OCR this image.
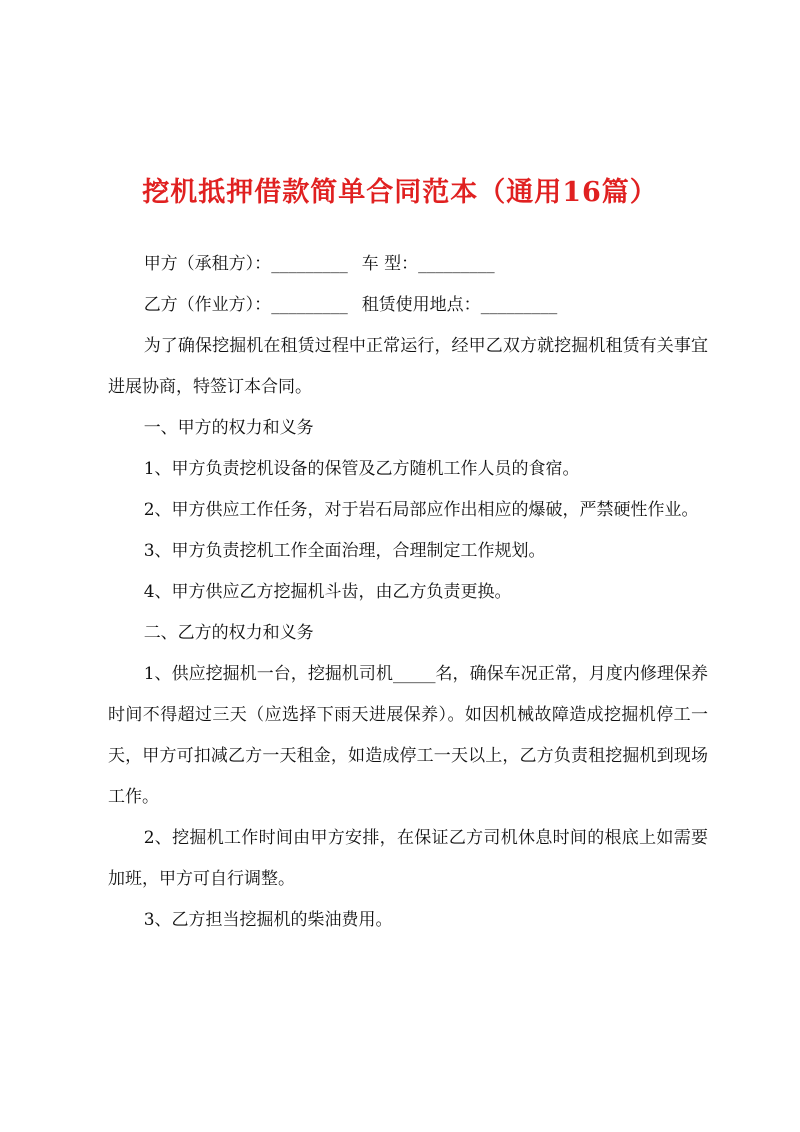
挖机抵押借款简单合同范本（通用16篇）

甲方（承租方）：_________ 车 型：_________

乙方（作业方）：_________ 租赁使用地点：_________

为了确保挖掘机在租赁过程中正常运行，经甲乙双方就挖掘机租赁有关事宜进展协商，特签订本合同。

一、甲方的权力和义务

1、甲方负责挖机设备的保管及乙方随机工作人员的食宿。

2、甲方供应工作任务，对于岩石局部应作出相应的爆破，严禁硬性作业。

3、甲方负责挖机工作全面治理，合理制定工作规划。

4、甲方供应乙方挖掘机斗齿，由乙方负责更换。

二、乙方的权力和义务

1、供应挖掘机一台，挖掘机司机_____名，确保车况正常，月度内修理保养时间不得超过三天（应选择下雨天进展保养）。如因机械故障造成挖掘机停工一天，甲方可扣减乙方一天租金，如造成停工一天以上，乙方负责租挖掘机到现场工作。

2、挖掘机工作时间由甲方安排，在保证乙方司机休息时间的根底上如需要加班，甲方可自行调整。

3、乙方担当挖掘机的柴油费用。
